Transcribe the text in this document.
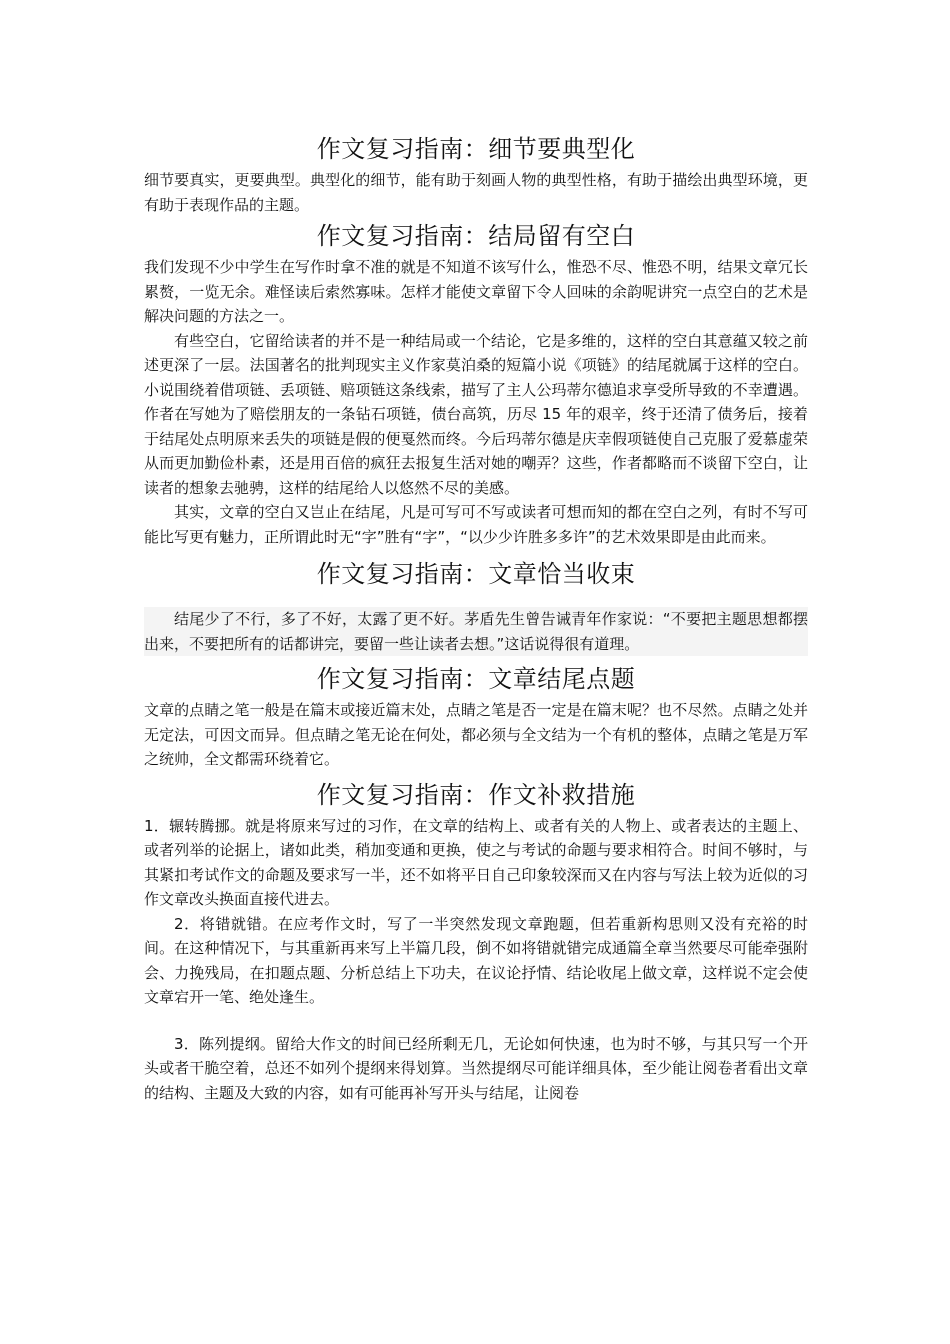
作文复习指南：细节要典型化

细节要真实，更要典型。典型化的细节，能有助于刻画人物的典型性格，有助于描绘出典型环境，更有助于表现作品的主题。

作文复习指南：结局留有空白

我们发现不少中学生在写作时拿不准的就是不知道不该写什么，惟恐不尽、惟恐不明，结果文章冗长累赘，一览无余。难怪读后索然寡味。怎样才能使文章留下令人回味的余韵呢讲究一点空白的艺术是解决问题的方法之一。

有些空白，它留给读者的并不是一种结局或一个结论，它是多维的，这样的空白其意蕴又较之前述更深了一层。法国著名的批判现实主义作家莫泊桑的短篇小说《项链》的结尾就属于这样的空白。小说围绕着借项链、丢项链、赔项链这条线索，描写了主人公玛蒂尔德追求享受所导致的不幸遭遇。作者在写她为了赔偿朋友的一条钻石项链，债台高筑，历尽 15 年的艰辛，终于还清了债务后，接着于结尾处点明原来丢失的项链是假的便戛然而终。今后玛蒂尔德是庆幸假项链使自己克服了爱慕虚荣从而更加勤俭朴素，还是用百倍的疯狂去报复生活对她的嘲弄？这些，作者都略而不谈留下空白，让读者的想象去驰骋，这样的结尾给人以悠然不尽的美感。

其实，文章的空白又岂止在结尾，凡是可写可不写或读者可想而知的都在空白之列，有时不写可能比写更有魅力，正所谓此时无“字”胜有“字”，“以少少许胜多多许”的艺术效果即是由此而来。

作文复习指南：文章恰当收束

结尾少了不行，多了不好，太露了更不好。茅盾先生曾告诫青年作家说：“不要把主题思想都摆出来，不要把所有的话都讲完，要留一些让读者去想。”这话说得很有道理。

作文复习指南：文章结尾点题

文章的点睛之笔一般是在篇末或接近篇末处，点睛之笔是否一定是在篇末呢？也不尽然。点睛之处并无定法，可因文而异。但点睛之笔无论在何处，都必须与全文结为一个有机的整体，点睛之笔是万军之统帅，全文都需环绕着它。

作文复习指南：作文补救措施

1．辗转腾挪。就是将原来写过的习作，在文章的结构上、或者有关的人物上、或者表达的主题上、或者列举的论据上，诸如此类，稍加变通和更换，使之与考试的命题与要求相符合。时间不够时，与其紧扣考试作文的命题及要求写一半，还不如将平日自己印象较深而又在内容与写法上较为近似的习作文章改头换面直接代进去。

2．将错就错。在应考作文时，写了一半突然发现文章跑题，但若重新构思则又没有充裕的时间。在这种情况下，与其重新再来写上半篇几段，倒不如将错就错完成通篇全章当然要尽可能牵强附会、力挽残局，在扣题点题、分析总结上下功夫，在议论抒情、结论收尾上做文章，这样说不定会使文章宕开一笔、绝处逢生。

3．陈列提纲。留给大作文的时间已经所剩无几，无论如何快速，也为时不够，与其只写一个开头或者干脆空着，总还不如列个提纲来得划算。当然提纲尽可能详细具体，至少能让阅卷者看出文章的结构、主题及大致的内容，如有可能再补写开头与结尾，让阅卷
